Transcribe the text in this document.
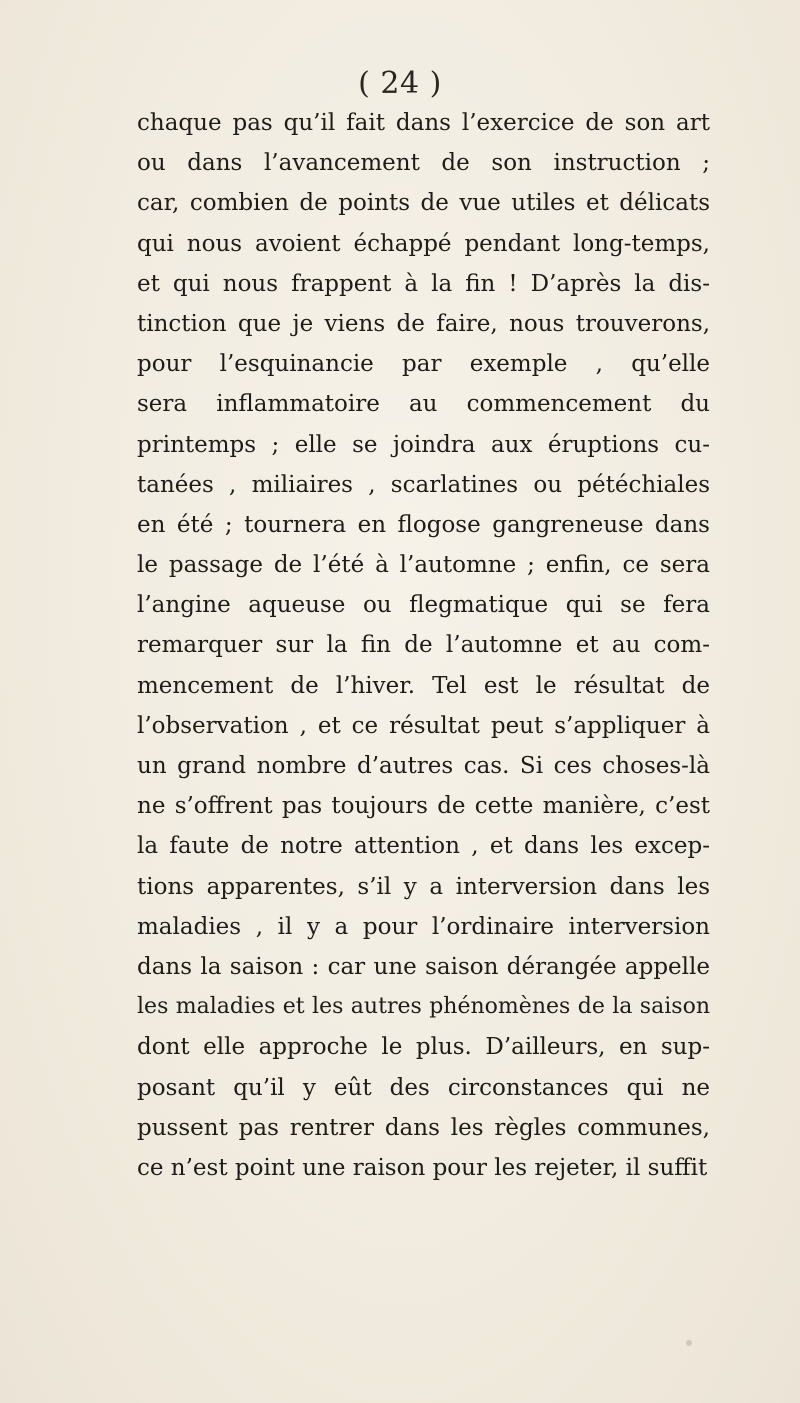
( 24 )
chaque pas qu’il fait dans l’exercice de son art
ou dans l’avancement de son instruction ;
car, combien de points de vue utiles et délicats
qui nous avoient échappé pendant long-temps,
et qui nous frappent à la fin ! D’après la dis-
tinction que je viens de faire, nous trouverons,
pour l’esquinancie par exemple , qu’elle
sera inflammatoire au commencement du
printemps ; elle se joindra aux éruptions cu-
tanées , miliaires , scarlatines ou pétéchiales
en été ; tournera en flogose gangreneuse dans
le passage de l’été à l’automne ; enfin, ce sera
l’angine aqueuse ou flegmatique qui se fera
remarquer sur la fin de l’automne et au com-
mencement de l’hiver. Tel est le résultat de
l’observation , et ce résultat peut s’appliquer à
un grand nombre d’autres cas. Si ces choses-là
ne s’offrent pas toujours de cette manière, c’est
la faute de notre attention , et dans les excep-
tions apparentes, s’il y a interversion dans les
maladies , il y a pour l’ordinaire interversion
dans la saison : car une saison dérangée appelle
les maladies et les autres phénomènes de la saison
dont elle approche le plus. D’ailleurs, en sup-
posant qu’il y eût des circonstances qui ne
pussent pas rentrer dans les règles communes,
ce n’est point une raison pour les rejeter, il suffit
